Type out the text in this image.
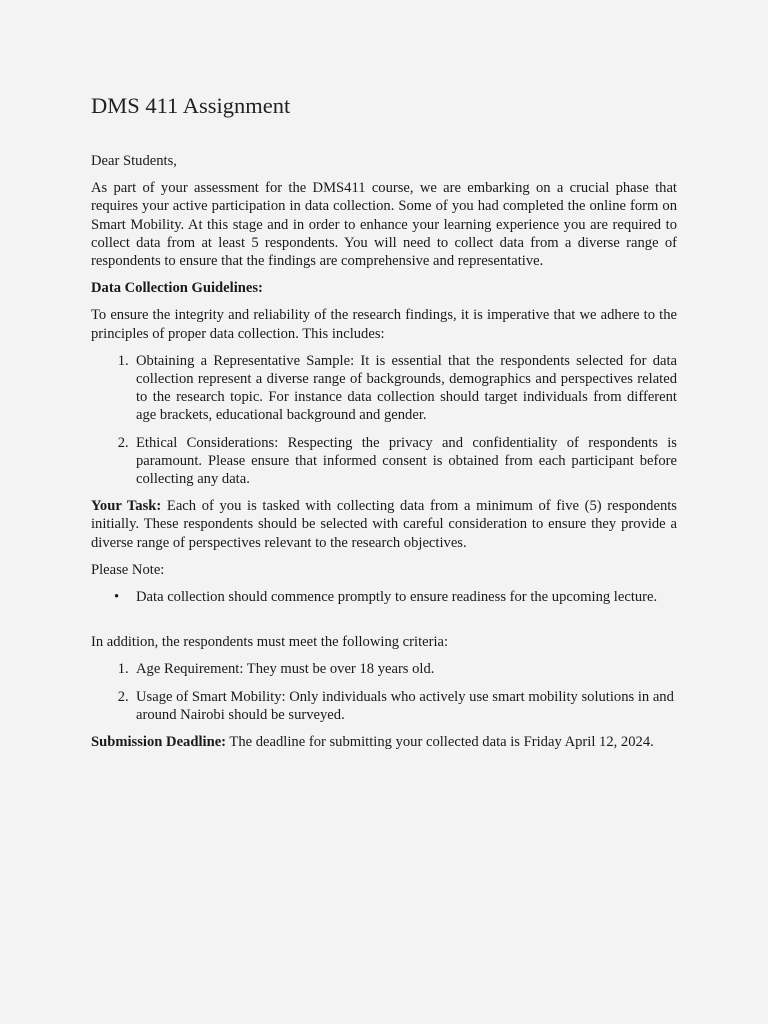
DMS 411 Assignment

Dear Students,

As part of your assessment for the DMS411 course, we are embarking on a crucial phase that requires your active participation in data collection. Some of you had completed the online form on Smart Mobility. At this stage and in order to enhance your learning experience you are required to collect data from at least 5 respondents. You will need to collect data from a diverse range of respondents to ensure that the findings are comprehensive and representative.

Data Collection Guidelines:

To ensure the integrity and reliability of the research findings, it is imperative that we adhere to the principles of proper data collection. This includes:

1. Obtaining a Representative Sample: It is essential that the respondents selected for data collection represent a diverse range of backgrounds, demographics and perspectives related to the research topic. For instance data collection should target individuals from different age brackets, educational background and gender.
2. Ethical Considerations: Respecting the privacy and confidentiality of respondents is paramount. Please ensure that informed consent is obtained from each participant before collecting any data.

Your Task: Each of you is tasked with collecting data from a minimum of five (5) respondents initially. These respondents should be selected with careful consideration to ensure they provide a diverse range of perspectives relevant to the research objectives.

Please Note:

• Data collection should commence promptly to ensure readiness for the upcoming lecture.

In addition, the respondents must meet the following criteria:

1. Age Requirement: They must be over 18 years old.
2. Usage of Smart Mobility: Only individuals who actively use smart mobility solutions in and around Nairobi should be surveyed.

Submission Deadline: The deadline for submitting your collected data is Friday April 12, 2024.
